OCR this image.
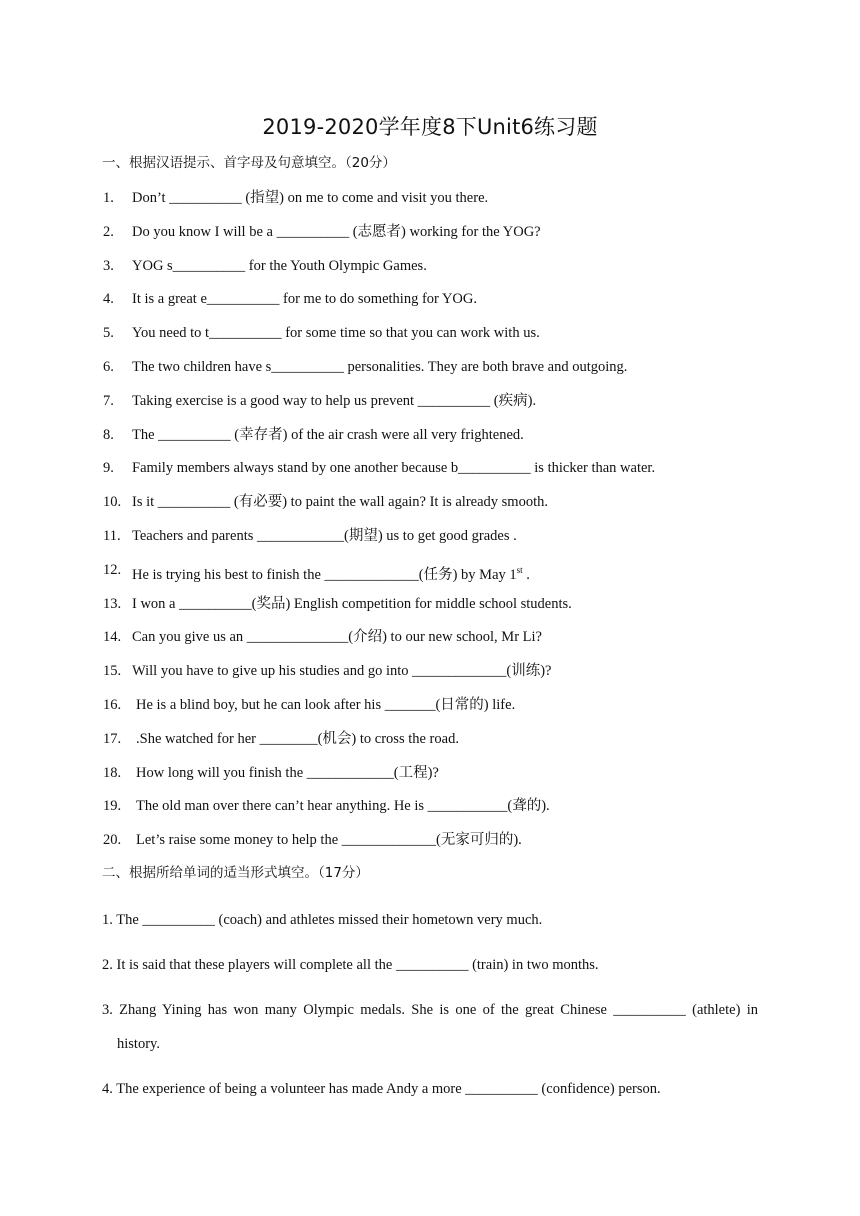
2019-2020学年度8下Unit6练习题
一、根据汉语提示、首字母及句意填空。（20分）
1. Don’t __________ (指望) on me to come and visit you there.
2. Do you know I will be a __________ (志愿者) working for the YOG?
3. YOG s__________ for the Youth Olympic Games.
4. It is a great e__________ for me to do something for YOG.
5. You need to t__________ for some time so that you can work with us.
6. The two children have s__________ personalities. They are both brave and outgoing.
7. Taking exercise is a good way to help us prevent __________ (疾病).
8. The __________ (幸存者) of the air crash were all very frightened.
9. Family members always stand by one another because b__________ is thicker than water.
10. Is it __________ (有必要) to paint the wall again? It is already smooth.
11. Teachers and parents ____________(期望) us to get good grades .
12. He is trying his best to finish the _____________(任务) by May 1st .
13. I won a __________(奖品) English competition for middle school students.
14. Can you give us an ______________(介绍) to our new school, Mr Li?
15. Will you have to give up his studies and go into _____________(训练)?
16. He is a blind boy, but he can look after his _______(日常的) life.
17. .She watched for her ________(机会) to cross the road.
18. How long will you finish the ____________(工程)?
19. The old man over there can’t hear anything. He is ___________(聋的).
20. Let’s raise some money to help the _____________(无家可归的).
二、根据所给单词的适当形式填空。（17分）
1. The __________ (coach) and athletes missed their hometown very much.
2. It is said that these players will complete all the __________ (train) in two months.
3. Zhang Yining has won many Olympic medals. She is one of the great Chinese __________ (athlete) in
history.
4. The experience of being a volunteer has made Andy a more __________ (confidence) person.
